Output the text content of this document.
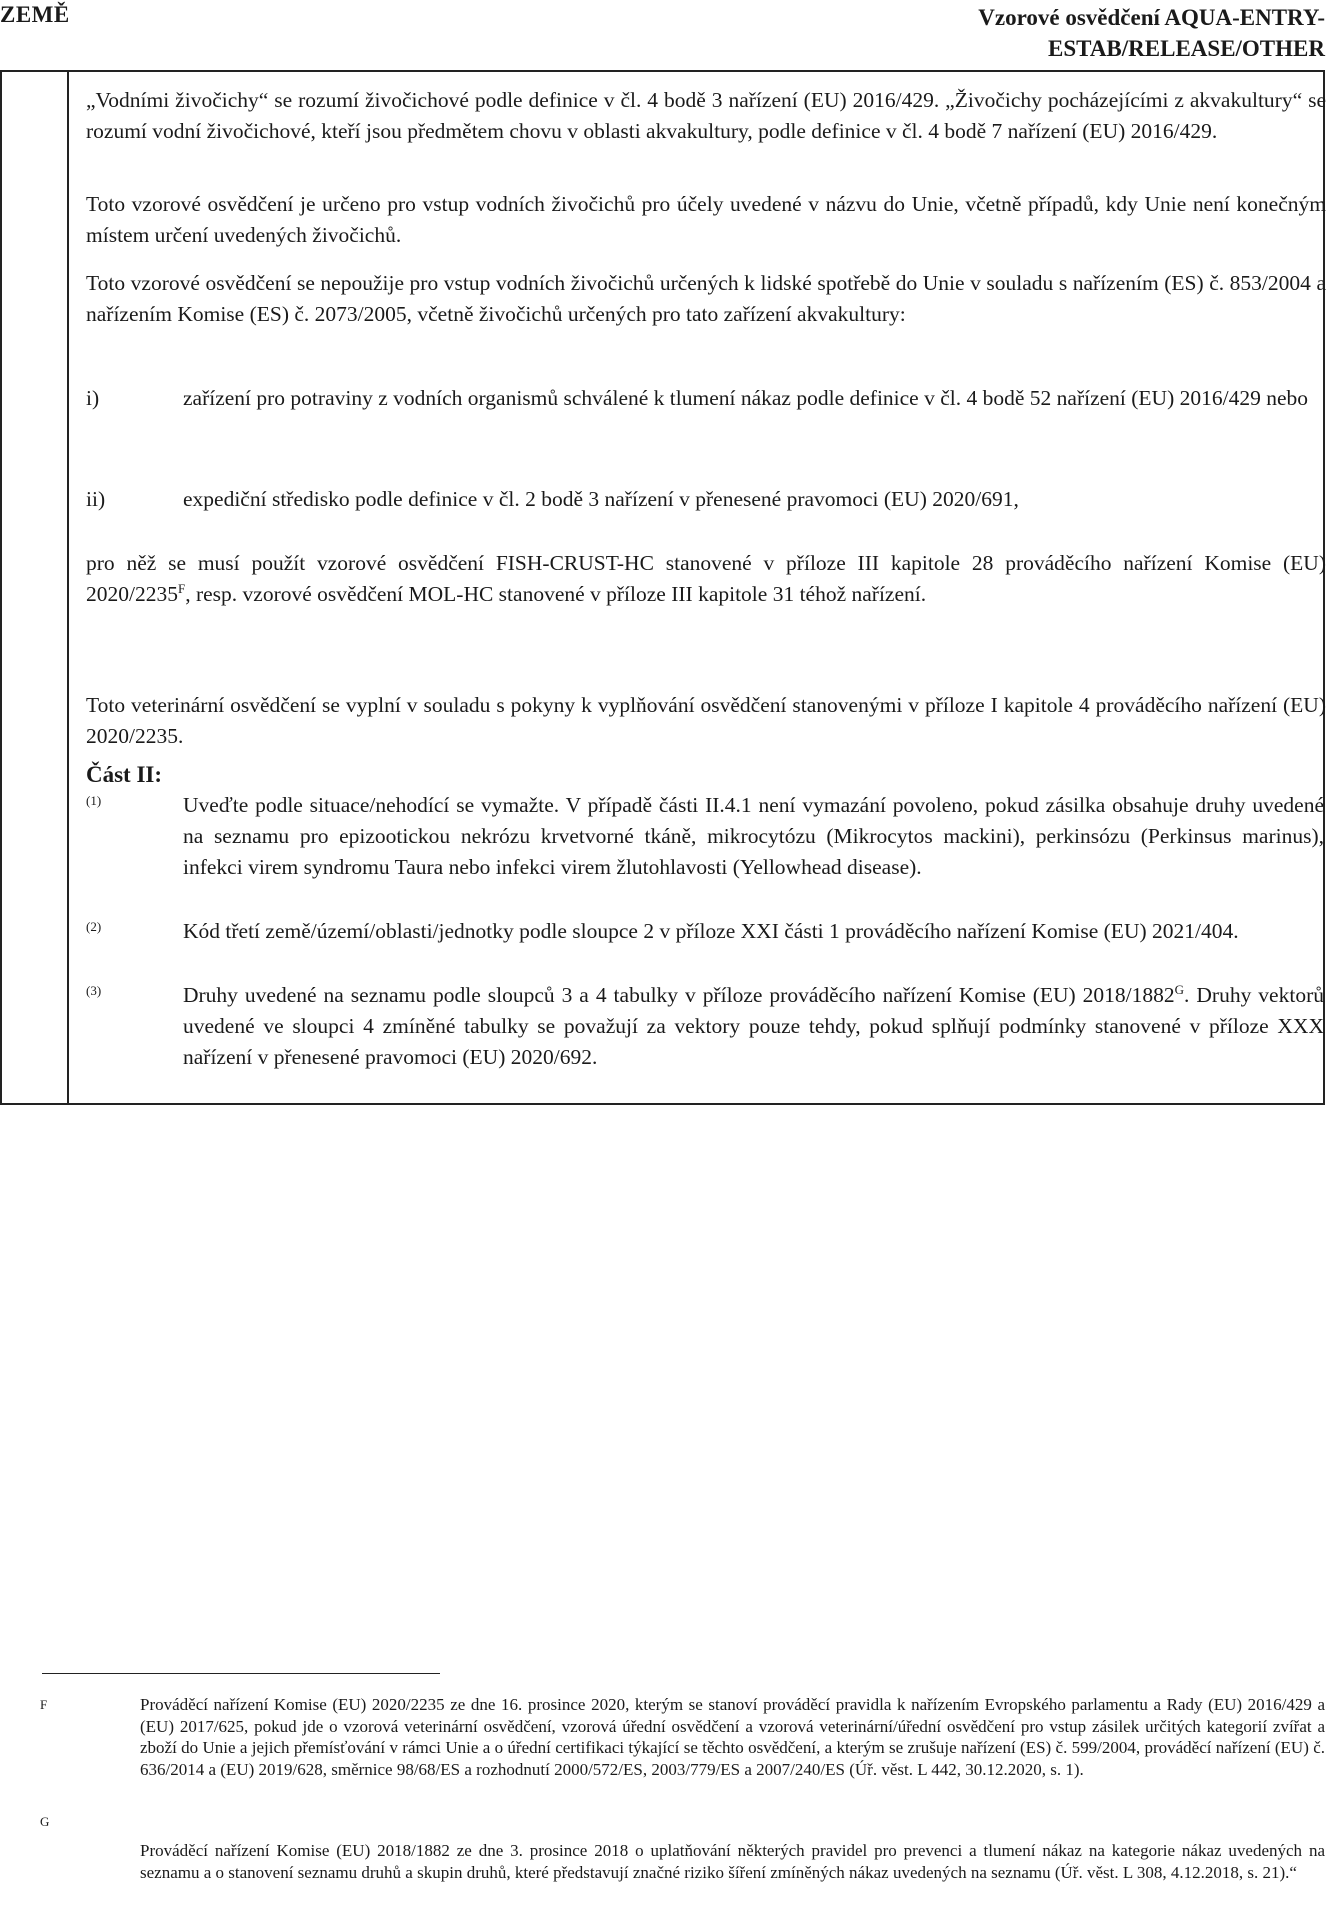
ZEMĚ	Vzorové osvědčení AQUA-ENTRY-
ESTAB/RELEASE/OTHER

„Vodními živočichy“ se rozumí živočichové podle definice v čl. 4 bodě 3 nařízení (EU) 2016/429. „Živočichy pocházejícími z akvakultury“ se rozumí vodní živočichové, kteří jsou předmětem chovu v oblasti akvakultury, podle definice v čl. 4 bodě 7 nařízení (EU) 2016/429.

Toto vzorové osvědčení je určeno pro vstup vodních živočichů pro účely uvedené v názvu do Unie, včetně případů, kdy Unie není konečným místem určení uvedených živočichů.

Toto vzorové osvědčení se nepoužije pro vstup vodních živočichů určených k lidské spotřebě do Unie v souladu s nařízením (ES) č. 853/2004 a nařízením Komise (ES) č. 2073/2005, včetně živočichů určených pro tato zařízení akvakultury:

i)	zařízení pro potraviny z vodních organismů schválené k tlumení nákaz podle definice v čl. 4 bodě 52 nařízení (EU) 2016/429 nebo
ii)	expediční středisko podle definice v čl. 2 bodě 3 nařízení v přenesené pravomoci (EU) 2020/691,

pro něž se musí použít vzorové osvědčení FISH-CRUST-HC stanovené v příloze III kapitole 28 prováděcího nařízení Komise (EU) $2020/2235^F$, resp. vzorové osvědčení MOL-HC stanovené v příloze III kapitole 31 téhož nařízení.

Toto veterinární osvědčení se vyplní v souladu s pokyny k vyplňování osvědčení stanovenými v příloze I kapitole 4 prováděcího nařízení (EU) 2020/2235.

Část II:
(1)	Uveďte podle situace/nehodící se vymažte. V případě části II.4.1 není vymazání povoleno, pokud zásilka obsahuje druhy uvedené na seznamu pro epizootickou nekrózu krvetvorné tkáně, mikrocytózu (Mikrocytos mackini), perkinsózu (Perkinsus marinus), infekci virem syndromu Taura nebo infekci virem žlutohlavosti (Yellowhead disease).
(2)	Kód třetí země/území/oblasti/jednotky podle sloupce 2 v příloze XXI části 1 prováděcího nařízení Komise (EU) 2021/404.
(3)	Druhy uvedené na seznamu podle sloupců 3 a 4 tabulky v příloze prováděcího nařízení Komise (EU) $2018/1882^G$. Druhy vektorů uvedené ve sloupci 4 zmíněné tabulky se považují za vektory pouze tehdy, pokud splňují podmínky stanovené v příloze XXX nařízení v přenesené pravomoci (EU) 2020/692.
F	Prováděcí nařízení Komise (EU) 2020/2235 ze dne 16. prosince 2020, kterým se stanoví prováděcí pravidla k nařízením Evropského parlamentu a Rady (EU) 2016/429 a (EU) 2017/625, pokud jde o vzorová veterinární osvědčení, vzorová úřední osvědčení a vzorová veterinární/úřední osvědčení pro vstup zásilek určitých kategorií zvířat a zboží do Unie a jejich přemísťování v rámci Unie a o úřední certifikaci týkající se těchto osvědčení, a kterým se zrušuje nařízení (ES) č. 599/2004, prováděcí nařízení (EU) č. 636/2014 a (EU) 2019/628, směrnice 98/68/ES a rozhodnutí 2000/572/ES, 2003/779/ES a 2007/240/ES (Úř. věst. L 442, 30.12.2020, s. 1).
G
Prováděcí nařízení Komise (EU) 2018/1882 ze dne 3. prosince 2018 o uplatňování některých pravidel pro prevenci a tlumení nákaz na kategorie nákaz uvedených na seznamu a o stanovení seznamu druhů a skupin druhů, které představují značné riziko šíření zmíněných nákaz uvedených na seznamu (Úř. věst. L 308, 4.12.2018, s. 21).“
